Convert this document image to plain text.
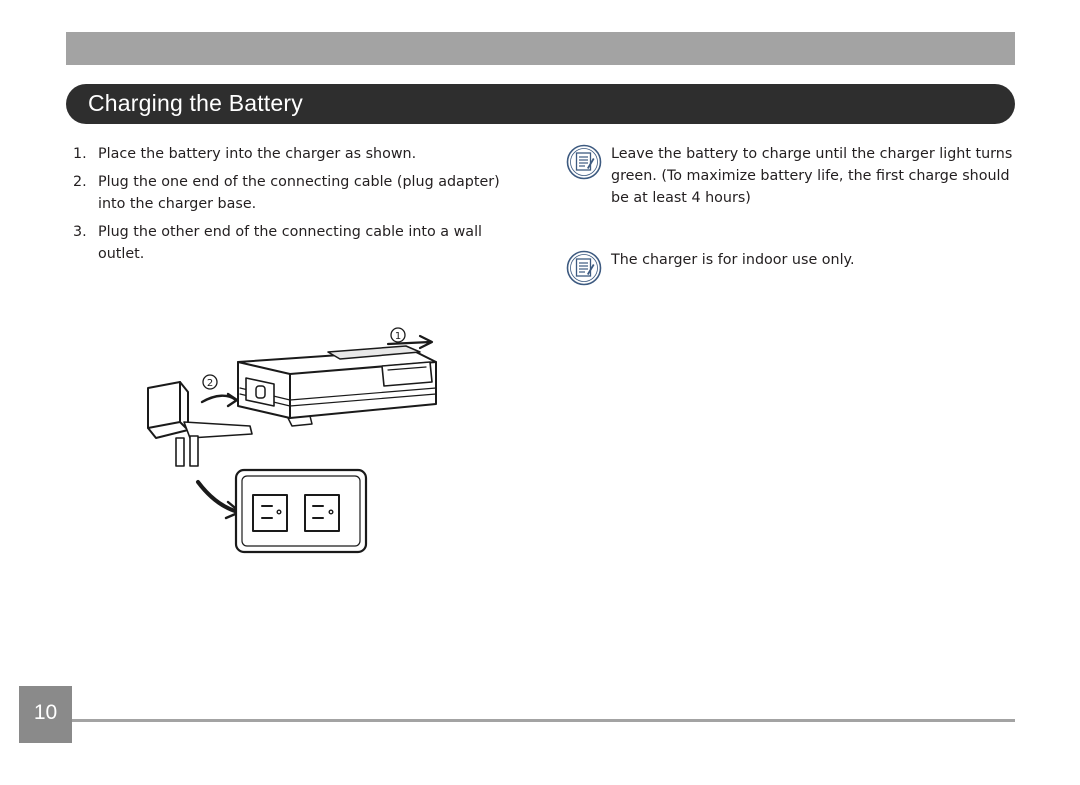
Charging the Battery
1. Place the battery into the charger as shown.
2. Plug the one end of the connecting cable (plug adapter) into the charger base.
3. Plug the other end of the connecting cable into a wall outlet.
Leave the battery to charge until the charger light turns green. (To maximize battery life, the first charge should be at least 4 hours)
The charger is for indoor use only.
1
2
10
